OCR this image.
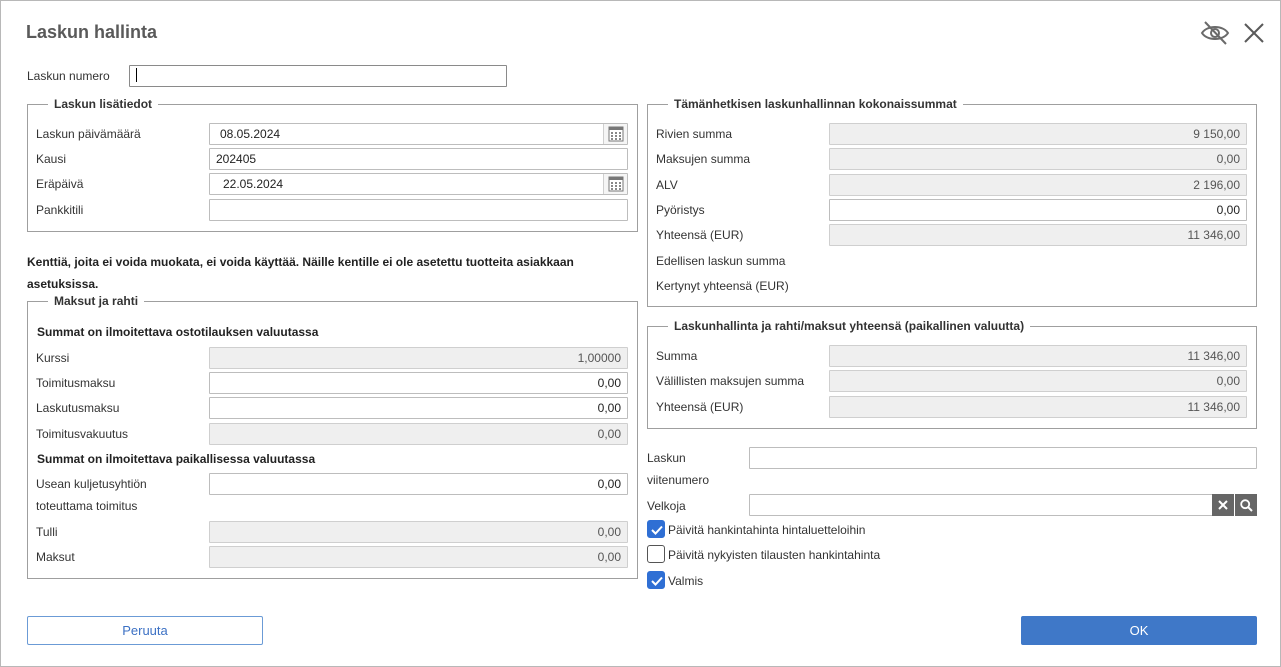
Laskun hallinta
Laskun numero
Laskun lisätiedot
Laskun päivämäärä
08.05.2024
Kausi
202405
Eräpäivä
22.05.2024
Pankkitili
Kenttiä, joita ei voida muokata, ei voida käyttää. Näille kentille ei ole asetettu tuotteita asiakkaan asetuksissa.
Maksut ja rahti
Summat on ilmoitettava ostotilauksen valuutassa
Kurssi
1,00000
Toimitusmaksu
0,00
Laskutusmaksu
0,00
Toimitusvakuutus
0,00
Summat on ilmoitettava paikallisessa valuutassa
Usean kuljetusyhtiön
toteuttama toimitus
0,00
Tulli
0,00
Maksut
0,00
Tämänhetkisen laskunhallinnan kokonaissummat
Rivien summa
9 150,00
Maksujen summa
0,00
ALV
2 196,00
Pyöristys
0,00
Yhteensä (EUR)
11 346,00
Edellisen laskun summa
Kertynyt yhteensä (EUR)
Laskunhallinta ja rahti/maksut yhteensä (paikallinen valuutta)
Summa
11 346,00
Välillisten maksujen summa
0,00
Yhteensä (EUR)
11 346,00
Laskun
viitenumero
Velkoja
Päivitä hankintahinta hintaluetteloihin
Päivitä nykyisten tilausten hankintahinta
Valmis
Peruuta	OK
